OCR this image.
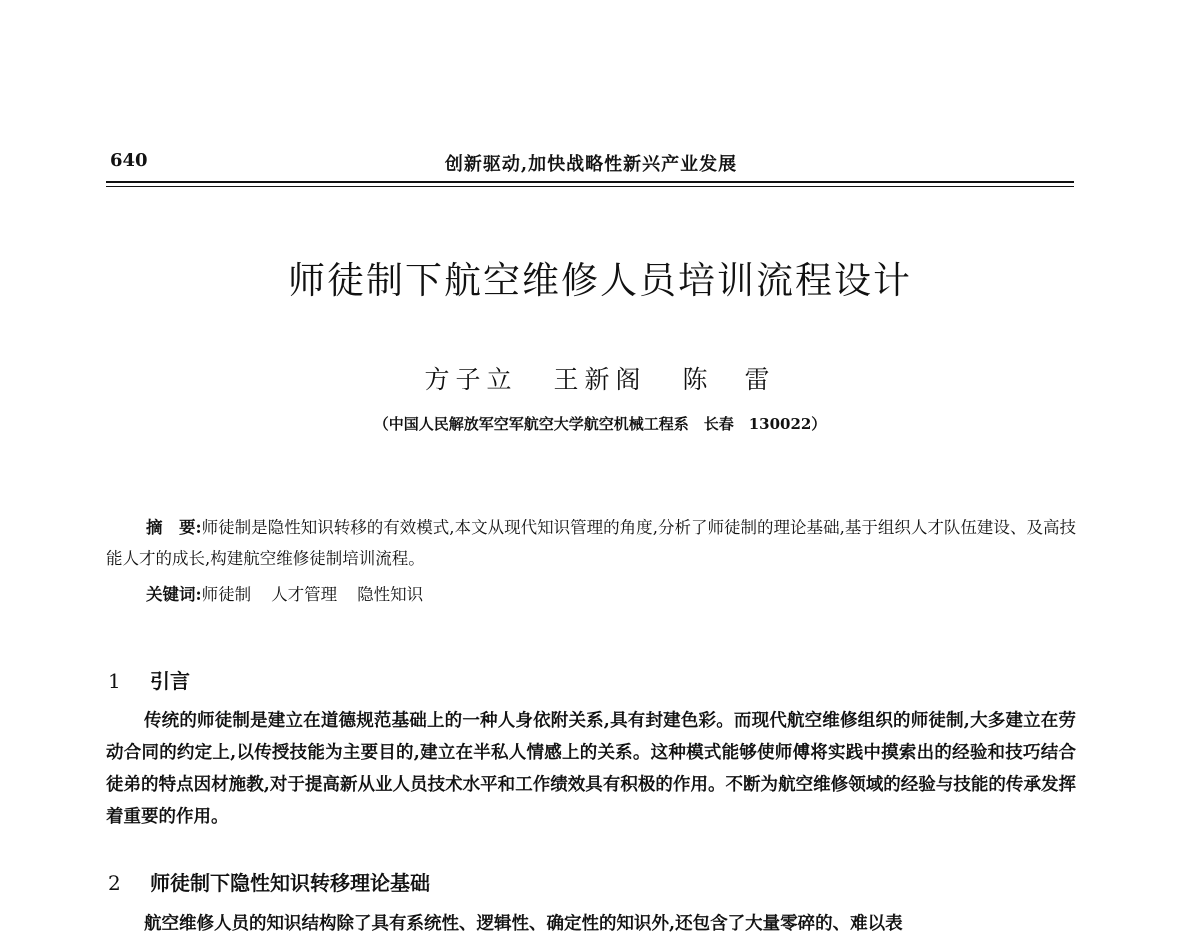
640	创新驱动,加快战略性新兴产业发展
师徒制下航空维修人员培训流程设计
方子立 王新阁 陈　雷
（中国人民解放军空军航空大学航空机械工程系　长春　130022）

摘　要:师徒制是隐性知识转移的有效模式,本文从现代知识管理的角度,分析了师徒制的理论基础,基于组织人才队伍建设、及高技能人才的成长,构建航空维修徒制培训流程。

关键词:师徒制 人才管理 隐性知识
1 引言

传统的师徒制是建立在道德规范基础上的一种人身依附关系,具有封建色彩。而现代航空维修组织的师徒制,大多建立在劳动合同的约定上,以传授技能为主要目的,建立在半私人情感上的关系。这种模式能够使师傅将实践中摸索出的经验和技巧结合徒弟的特点因材施教,对于提高新从业人员技术水平和工作绩效具有积极的作用。不断为航空维修领域的经验与技能的传承发挥着重要的作用。

2 师徒制下隐性知识转移理论基础

航空维修人员的知识结构除了具有系统性、逻辑性、确定性的知识外,还包含了大量零碎的、难以表
